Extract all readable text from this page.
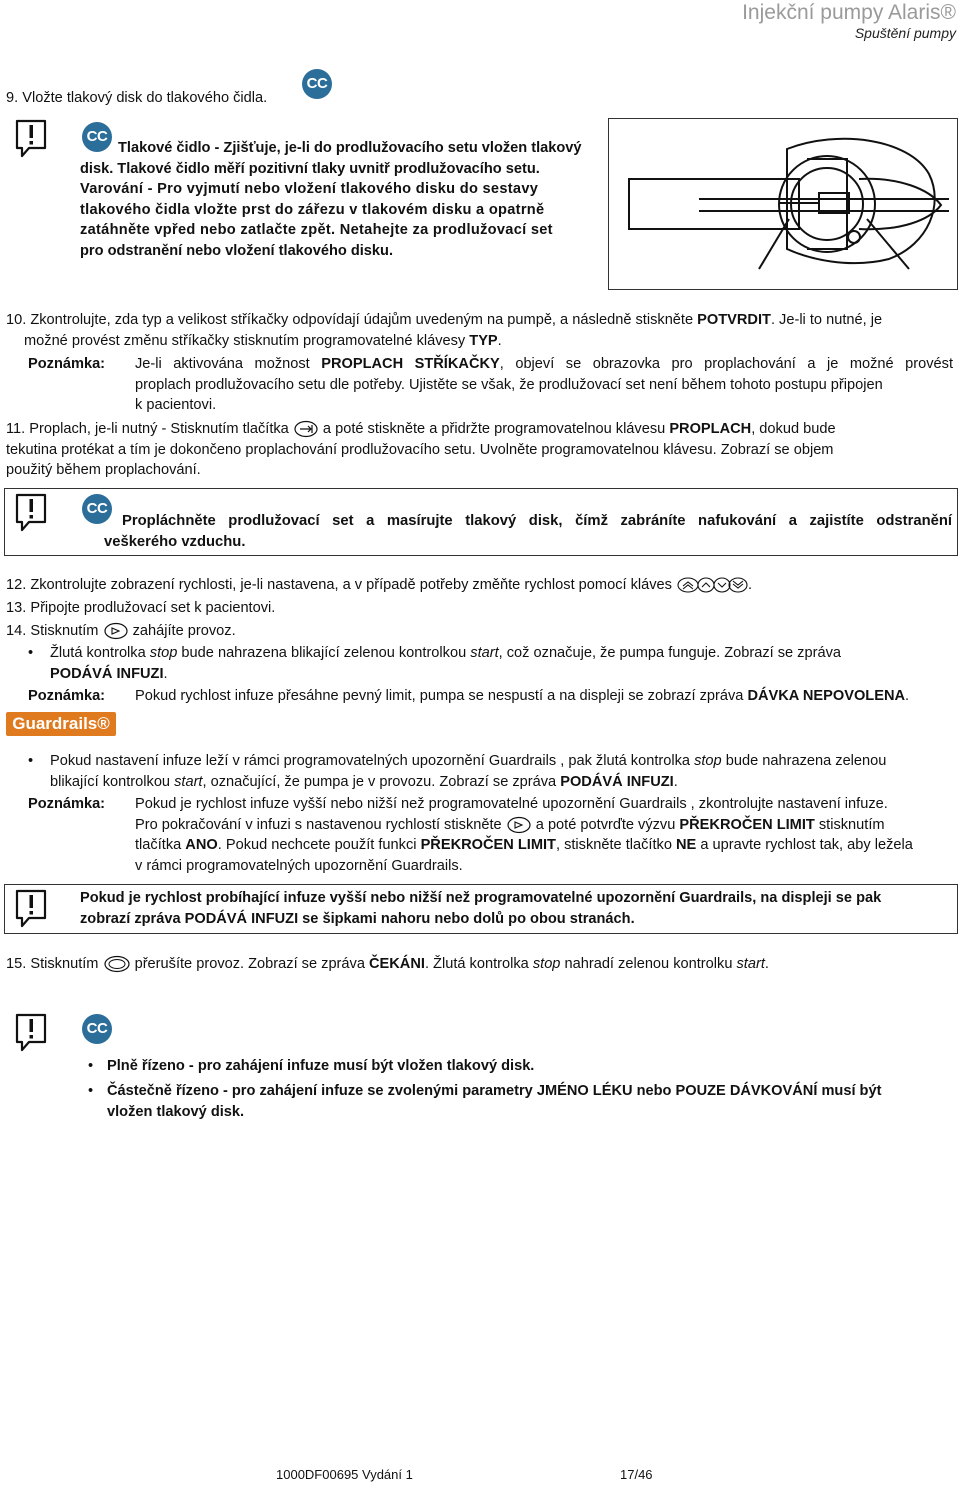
Injekční pumpy Alaris®
Spuštění pumpy
9. Vložte tlakový disk do tlakového čidla.
CC
CC
Tlakové čidlo - Zjišťuje, je-li do prodlužovacího setu vložen tlakový
disk. Tlakové čidlo měří pozitivní tlaky uvnitř prodlužovacího setu.
Varování - Pro vyjmutí nebo vložení tlakového disku do sestavy
tlakového čidla vložte prst do zářezu v tlakovém disku a opatrně
zatáhněte vpřed nebo zatlačte zpět. Netahejte za prodlužovací set
pro odstranění nebo vložení tlakového disku.
10. Zkontrolujte, zda typ a velikost stříkačky odpovídají údajům uvedeným na pumpě, a následně stiskněte POTVRDIT. Je-li to nutné, je
možné provést změnu stříkačky stisknutím programovatelné klávesy TYP.
Poznámka: Je-li aktivována možnost PROPLACH STŘÍKAČKY, objeví se obrazovka pro proplachování a je možné provést
proplach prodlužovacího setu dle potřeby. Ujistěte se však, že prodlužovací set není během tohoto postupu připojen
k pacientovi.
11. Proplach, je-li nutný - Stisknutím tlačítka  a poté stiskněte a přidržte programovatelnou klávesu PROPLACH, dokud bude
tekutina protékat a tím je dokončeno proplachování prodlužovacího setu. Uvolněte programovatelnou klávesu. Zobrazí se objem
použitý během proplachování.
CC
Propláchněte prodlužovací set a masírujte tlakový disk, čímž zabráníte nafukování a zajistíte odstranění
veškerého vzduchu.
12. Zkontrolujte zobrazení rychlosti, je-li nastavena, a v případě potřeby změňte rychlost pomocí kláves	.
13. Připojte prodlužovací set k pacientovi.
14. Stisknutím zahájíte provoz.
• Žlutá kontrolka stop bude nahrazena blikající zelenou kontrolkou start, což označuje, že pumpa funguje. Zobrazí se zpráva
PODÁVÁ INFUZI.
Poznámka: Pokud rychlost infuze přesáhne pevný limit, pumpa se nespustí a na displeji se zobrazí zpráva DÁVKA NEPOVOLENA.
Guardrails®
• Pokud nastavení infuze leží v rámci programovatelných upozornění Guardrails , pak žlutá kontrolka stop bude nahrazena zelenou
blikající kontrolkou start, označující, že pumpa je v provozu. Zobrazí se zpráva PODÁVÁ INFUZI.
Poznámka: Pokud je rychlost infuze vyšší nebo nižší než programovatelné upozornění Guardrails , zkontrolujte nastavení infuze.
Pro pokračování v infuzi s nastavenou rychlostí stiskněte  a poté potvrďte výzvu PŘEKROČEN LIMIT stisknutím
tlačítka ANO. Pokud nechcete použít funkci PŘEKROČEN LIMIT, stiskněte tlačítko NE a upravte rychlost tak, aby ležela
v rámci programovatelných upozornění Guardrails.
Pokud je rychlost probíhající infuze vyšší nebo nižší než programovatelné upozornění Guardrails, na displeji se pak
zobrazí zpráva PODÁVÁ INFUZI se šipkami nahoru nebo dolů po obou stranách.
15. Stisknutím  přerušíte provoz. Zobrazí se zpráva ČEKÁNI. Žlutá kontrolka stop nahradí zelenou kontrolku start.
CC
• Plně řízeno - pro zahájení infuze musí být vložen tlakový disk.
• Částečně řízeno - pro zahájení infuze se zvolenými parametry JMÉNO LÉKU nebo POUZE DÁVKOVÁNÍ musí být
vložen tlakový disk.
1000DF00695 Vydání 1	17/46
